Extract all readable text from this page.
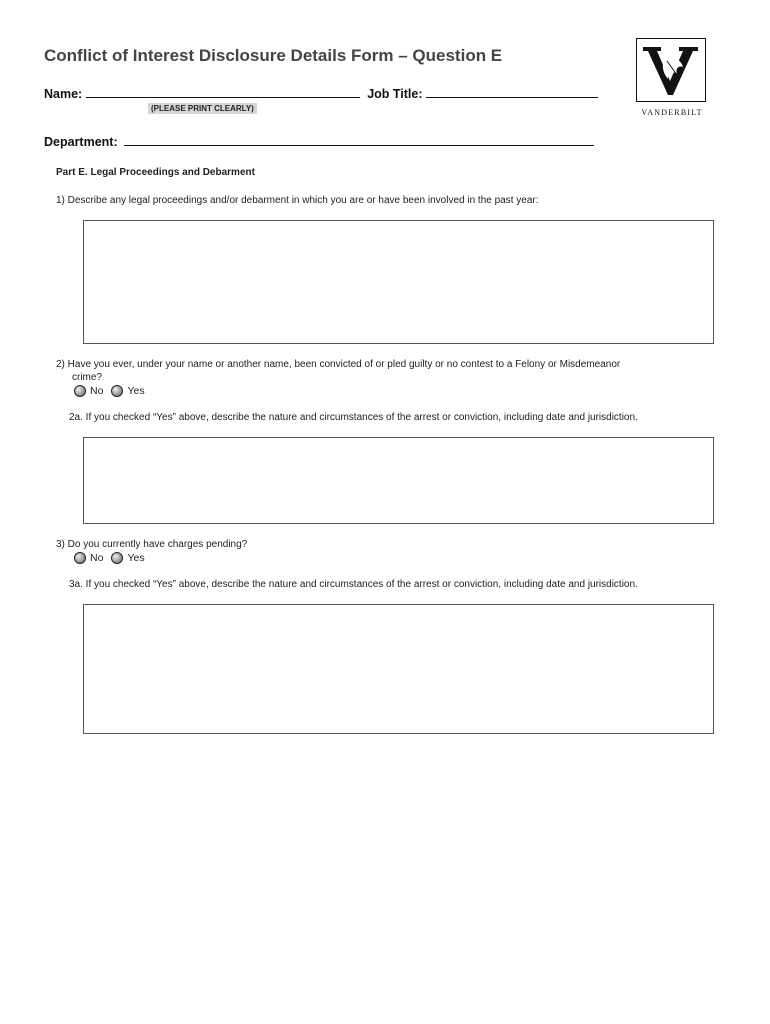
Conflict of Interest Disclosure Details Form – Question E
Name:	Job Title:
(PLEASE PRINT CLEARLY)
Department:
VANDERBILT
Part E. Legal Proceedings and Debarment
1) Describe any legal proceedings and/or debarment in which you are or have been involved in the past year:
2) Have you ever, under your name or another name, been convicted of or pled guilty or no contest to a Felony or Misdemeanor
crime?
No Yes
2a. If you checked “Yes” above, describe the nature and circumstances of the arrest or conviction, including date and jurisdiction.
3) Do you currently have charges pending?
No Yes
3a. If you checked “Yes” above, describe the nature and circumstances of the arrest or conviction, including date and jurisdiction.
